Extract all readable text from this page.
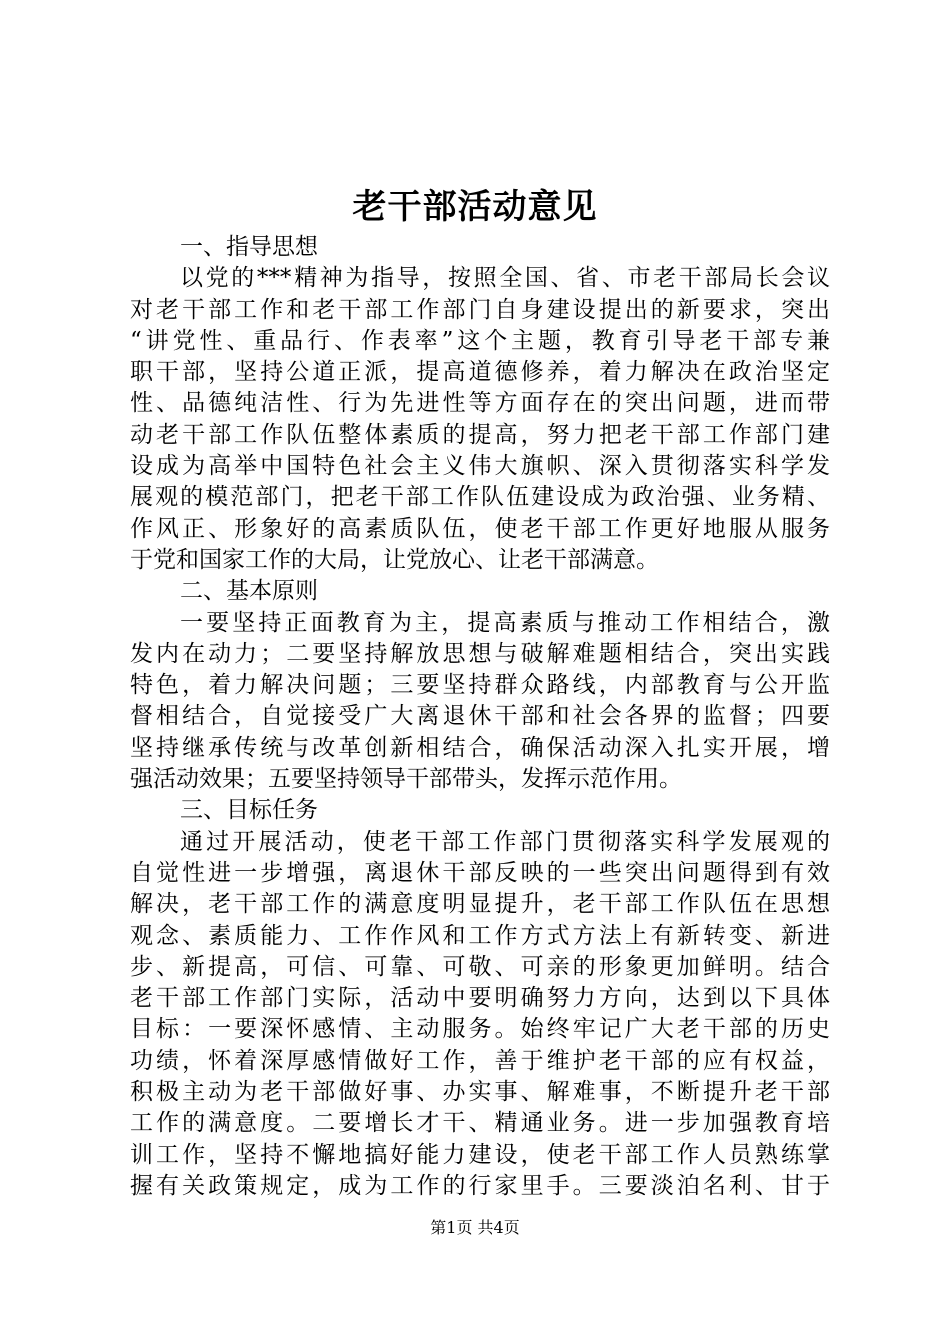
老干部活动意见
一、指导思想
以党的***精神为指导，按照全国、省、市老干部局长会议
对老干部工作和老干部工作部门自身建设提出的新要求，突出
“讲党性、重品行、作表率”这个主题，教育引导老干部专兼
职干部，坚持公道正派，提高道德修养，着力解决在政治坚定
性、品德纯洁性、行为先进性等方面存在的突出问题，进而带
动老干部工作队伍整体素质的提高，努力把老干部工作部门建
设成为高举中国特色社会主义伟大旗帜、深入贯彻落实科学发
展观的模范部门，把老干部工作队伍建设成为政治强、业务精、
作风正、形象好的高素质队伍，使老干部工作更好地服从服务
于党和国家工作的大局，让党放心、让老干部满意。
二、基本原则
一要坚持正面教育为主，提高素质与推动工作相结合，激
发内在动力；二要坚持解放思想与破解难题相结合，突出实践
特色，着力解决问题；三要坚持群众路线，内部教育与公开监
督相结合，自觉接受广大离退休干部和社会各界的监督；四要
坚持继承传统与改革创新相结合，确保活动深入扎实开展，增
强活动效果；五要坚持领导干部带头，发挥示范作用。
三、目标任务
通过开展活动，使老干部工作部门贯彻落实科学发展观的
自觉性进一步增强，离退休干部反映的一些突出问题得到有效
解决，老干部工作的满意度明显提升，老干部工作队伍在思想
观念、素质能力、工作作风和工作方式方法上有新转变、新进
步、新提高，可信、可靠、可敬、可亲的形象更加鲜明。结合
老干部工作部门实际，活动中要明确努力方向，达到以下具体
目标：一要深怀感情、主动服务。始终牢记广大老干部的历史
功绩，怀着深厚感情做好工作，善于维护老干部的应有权益，
积极主动为老干部做好事、办实事、解难事，不断提升老干部
工作的满意度。二要增长才干、精通业务。进一步加强教育培
训工作，坚持不懈地搞好能力建设，使老干部工作人员熟练掌
握有关政策规定，成为工作的行家里手。三要淡泊名利、甘于
第1页 共4页
